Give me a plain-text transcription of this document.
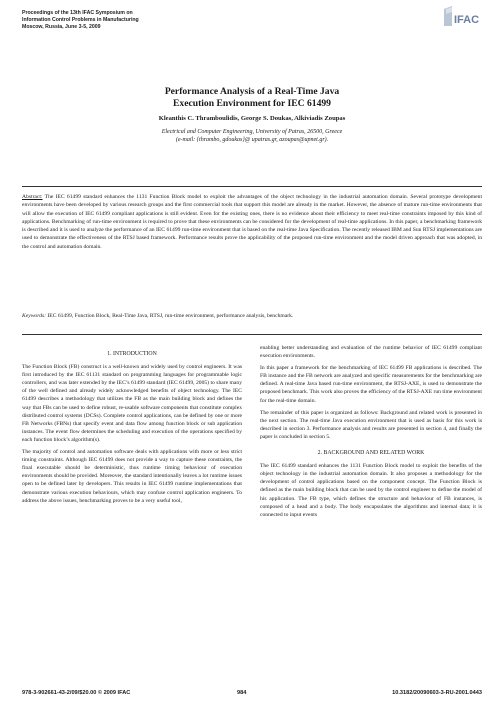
Proceedings of the 13th IFAC Symposium on
Information Control Problems in Manufacturing
Moscow, Russia, June 3-5, 2009
IFAC
Performance Analysis of a Real-Time Java
Execution Environment for IEC 61499
Kleanthis C. Thramboulidis, George S. Doukas, Alkiviadis Zoupas
Electrical and Computer Engineering, University of Patras, 26500, Greece
(e-mail: {thrambo, gdoukas}@ upatras.gr, azoupas@upnet.gr).
Abstract: The IEC 61499 standard enhances the 1131 Function Block model to exploit the advantages of the object technology in the industrial automation domain. Several prototype development environments have been developed by various research groups and the first commercial tools that support this model are already in the market. However, the absence of mature run-time environments that will allow the execution of IEC 61499 compliant applications is still evident. Even for the existing ones, there is no evidence about their efficiency to meet real-time constraints imposed by this kind of applications. Benchmarking of run-time environment is required to prove that these environments can be considered for the development of real-time applications. In this paper, a benchmarking framework is described and it is used to analyze the performance of an IEC 61499 run-time environment that is based on the real-time Java Specification. The recently released IBM and Sun RTSJ implementations are used to demonstrate the effectiveness of the RTSJ based framework. Performance results prove the applicability of the proposed run-time environment and the model driven approach that was adopted, in the control and automation domain.
Keywords: IEC 61499, Function Block, Real-Time Java, RTSJ, run-time environment, performance analysis, benchmark.
1. INTRODUCTION

The Function Block (FB) construct is a well-known and widely used by control engineers. It was first introduced by the IEC 61131 standard on programming languages for programmable logic controllers, and was later extended by the IEC’s 61499 standard (IEC 61499, 2005) to share many of the well defined and already widely acknowledged benefits of object technology. The IEC 61499 describes a methodology that utilizes the FB as the main building block and defines the way that FBs can be used to define robust, re-usable software components that constitute complex distributed control systems (DCSs). Complete control applications, can be defined by one or more FB Networks (FBNs) that specify event and data flow among function block or sub application instances. The event flow determines the scheduling and execution of the operations specified by each function block’s algorithm(s).

The majority of control and automation software deals with applications with more or less strict timing constraints. Although IEC 61499 does not provide a way to capture these constraints, the final executable should be deterministic, thus runtime timing behaviour of execution environments should be provided. Moreover, the standard intentionally leaves a lot runtime issues open to be defined later by developers. This results in IEC 61499 runtime implementations that demonstrate various execution behaviours, which may confuse control application engineers. To address the above issues, benchmarking proves to be a very useful tool,

enabling better understanding and evaluation of the runtime behavior of IEC 61499 compliant execution environments.

In this paper a framework for the benchmarking of IEC 61499 FB applications is described. The FB instance and the FB network are analyzed and specific measurements for the benchmarking are defined. A real-time Java based run-time environment, the RTSJ-AXE, is used to demonstrate the proposed benchmark. This work also proves the efficiency of the RTSJ-AXE run time environment for the real-time domain.

The remainder of this paper is organized as follows: Background and related work is presented in the next section. The real-time Java execution environment that is used as basis for this work is described in section 3. Performance analysis and results are presented in section 4, and finally the paper is concluded in section 5.

2. BACKGROUND AND RELATED WORK

The IEC 61499 standard enhances the 1131 Function Block model to exploit the benefits of the object technology in the industrial automation domain. It also proposes a methodology for the development of control applications based on the component concept. The Function Block is defined as the main building block that can be used by the control engineer to define the model of his application. The FB type, which defines the structure and behaviour of FB instances, is composed of a head and a body. The body encapsulates the algorithms and internal data; it is connected to input events

978-3-902661-43-2/09/$20.00 © 2009 IFAC	984	10.3182/20090603-3-RU-2001.0443
